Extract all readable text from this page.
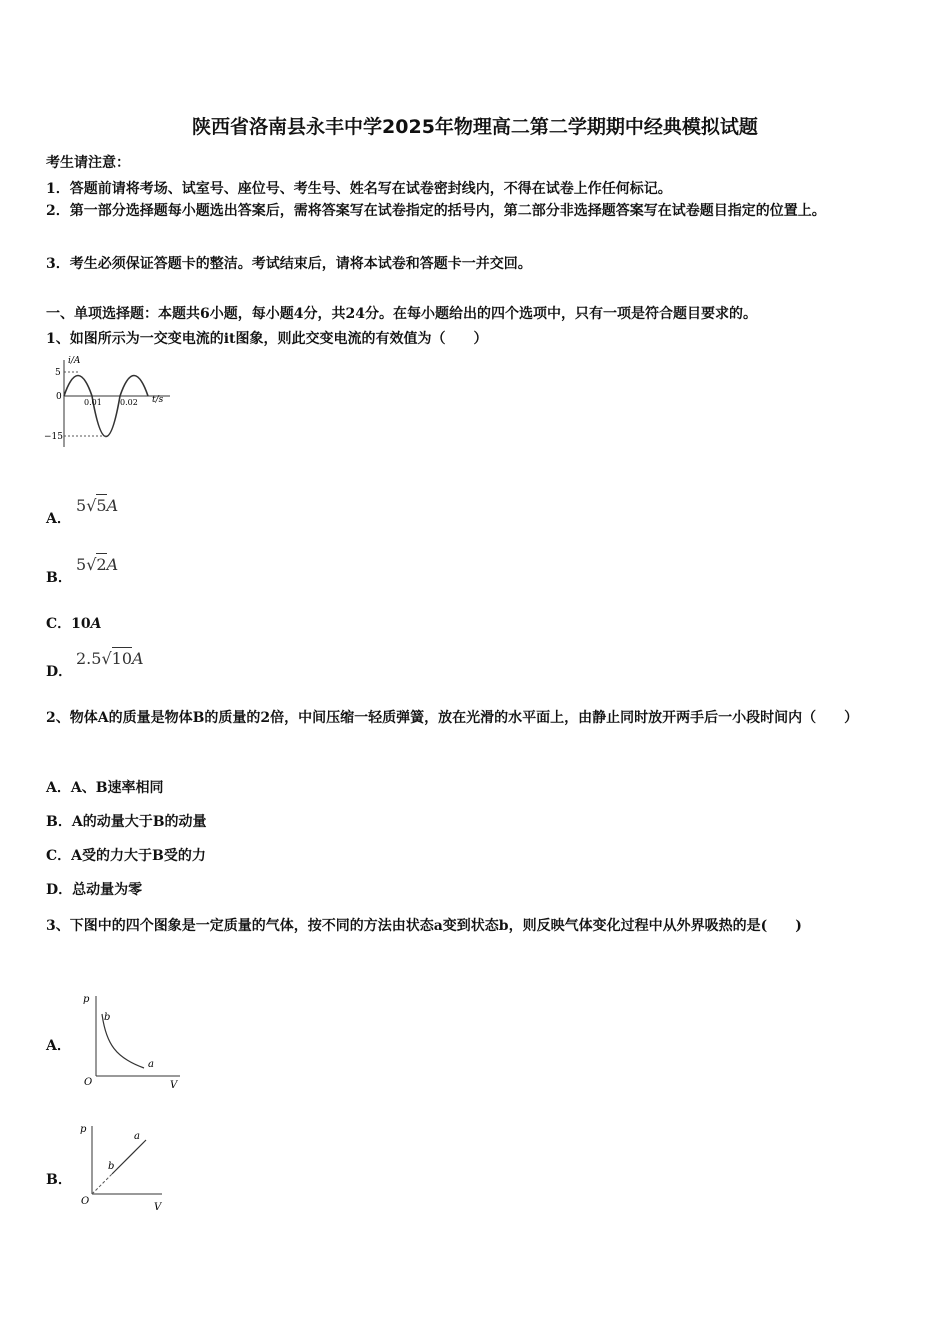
陕西省洛南县永丰中学2025年物理高二第二学期期中经典模拟试题
考生请注意：
1．答题前请将考场、试室号、座位号、考生号、姓名写在试卷密封线内，不得在试卷上作任何标记。
2．第一部分选择题每小题选出答案后，需将答案写在试卷指定的括号内，第二部分非选择题答案写在试卷题目指定的位置上。
3．考生必须保证答题卡的整洁。考试结束后，请将本试卷和答题卡一并交回。
一、单项选择题：本题共6小题，每小题4分，共24分。在每小题给出的四个选项中，只有一项是符合题目要求的。
1、如图所示为一交变电流的it图象，则此交变电流的有效值为（　　）
i/A
t/s
0
5
−15
0.01 0.02
A．
5√5A
B．
5√2A
C．10A
D．
2.5√10A
2、物体A的质量是物体B的质量的2倍，中间压缩一轻质弹簧，放在光滑的水平面上，由静止同时放开两手后一小段时间内（　　）
A．A、B速率相同
B．A的动量大于B的动量
C．A受的力大于B受的力
D．总动量为零
3、下图中的四个图象是一定质量的气体，按不同的方法由状态a变到状态b，则反映气体变化过程中从外界吸热的是(　　)
A．
p
V
O
b
a
B．
p
V
O
b
a
